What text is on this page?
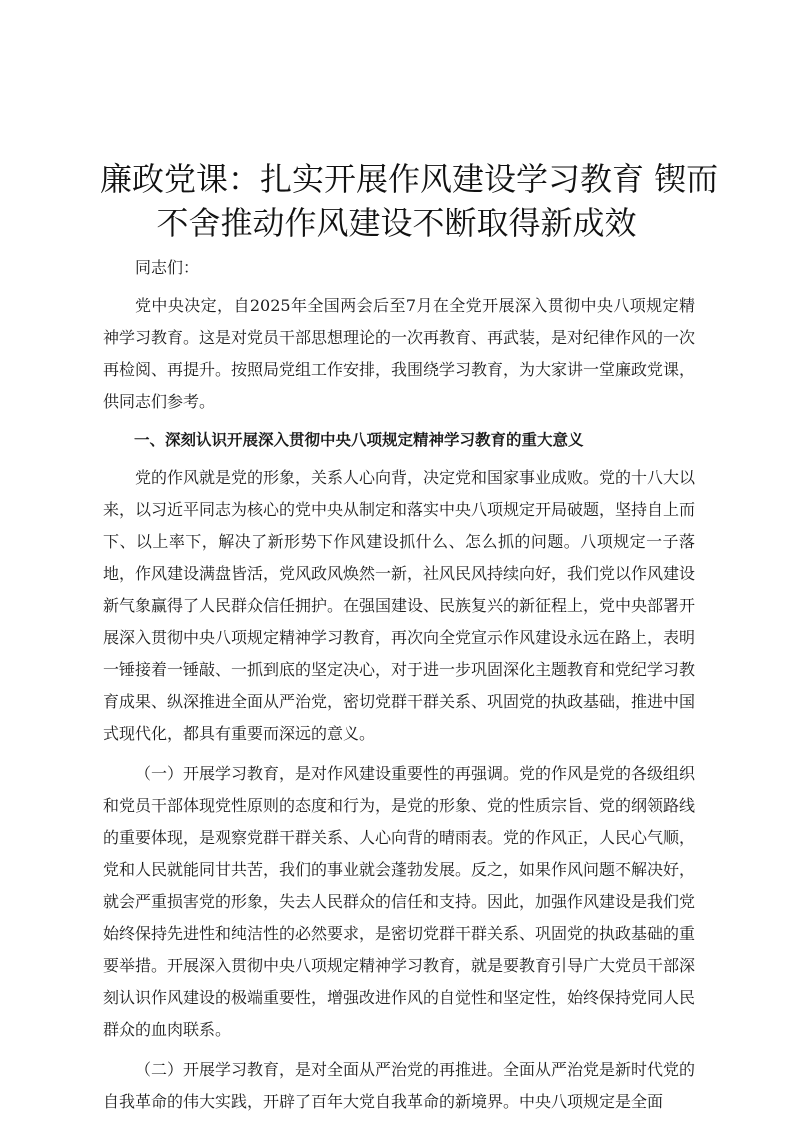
廉政党课：扎实开展作风建设学习教育 锲而
不舍推动作风建设不断取得新成效

同志们：

党中央决定，自2025年全国两会后至7月在全党开展深入贯彻中央八项规定精神学习教育。这是对党员干部思想理论的一次再教育、再武装，是对纪律作风的一次再检阅、再提升。按照局党组工作安排，我围绕学习教育，为大家讲一堂廉政党课，供同志们参考。

一、深刻认识开展深入贯彻中央八项规定精神学习教育的重大意义

党的作风就是党的形象，关系人心向背，决定党和国家事业成败。党的十八大以来，以习近平同志为核心的党中央从制定和落实中央八项规定开局破题，坚持自上而下、以上率下，解决了新形势下作风建设抓什么、怎么抓的问题。八项规定一子落地，作风建设满盘皆活，党风政风焕然一新，社风民风持续向好，我们党以作风建设新气象赢得了人民群众信任拥护。在强国建设、民族复兴的新征程上，党中央部署开展深入贯彻中央八项规定精神学习教育，再次向全党宣示作风建设永远在路上，表明一锤接着一锤敲、一抓到底的坚定决心，对于进一步巩固深化主题教育和党纪学习教育成果、纵深推进全面从严治党，密切党群干群关系、巩固党的执政基础，推进中国式现代化，都具有重要而深远的意义。

（一）开展学习教育，是对作风建设重要性的再强调。党的作风是党的各级组织和党员干部体现党性原则的态度和行为，是党的形象、党的性质宗旨、党的纲领路线的重要体现，是观察党群干群关系、人心向背的晴雨表。党的作风正，人民心气顺，党和人民就能同甘共苦，我们的事业就会蓬勃发展。反之，如果作风问题不解决好，就会严重损害党的形象，失去人民群众的信任和支持。因此，加强作风建设是我们党始终保持先进性和纯洁性的必然要求，是密切党群干群关系、巩固党的执政基础的重要举措。开展深入贯彻中央八项规定精神学习教育，就是要教育引导广大党员干部深刻认识作风建设的极端重要性，增强改进作风的自觉性和坚定性，始终保持党同人民群众的血肉联系。

（二）开展学习教育，是对全面从严治党的再推进。全面从严治党是新时代党的自我革命的伟大实践，开辟了百年大党自我革命的新境界。中央八项规定是全面
